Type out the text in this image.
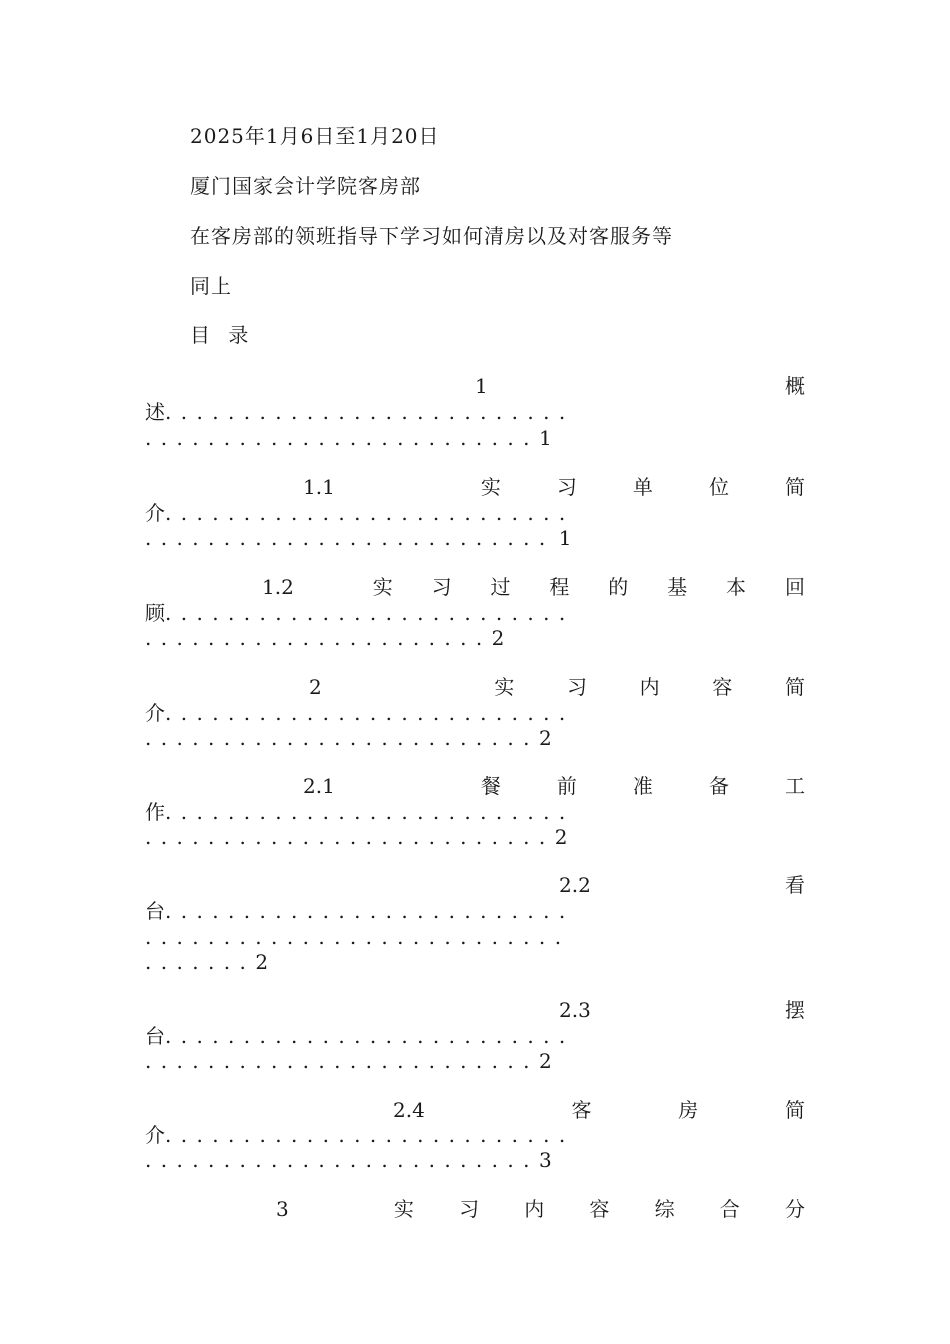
2025年1月6日至1月20日
厦门国家会计学院客房部
在客房部的领班指导下学习如何清房以及对客服务等
同上
目 录
1	概
述..........................
.........................1
1.1	实	习	单	位	简
介..........................
.......................... 1
1.2	实 习 过 程 的 基 本 回
顾..........................
......................2
2	实	习	内	容	简
介..........................
.........................2
2.1	餐	前	准	备	工
作..........................
..........................2
2.2	看
台..........................
...........................
.......2
2.3	摆
台..........................
.........................2
2.4	客	房	简
介..........................
.........................3
3	实 习 内 容 综 合 分
